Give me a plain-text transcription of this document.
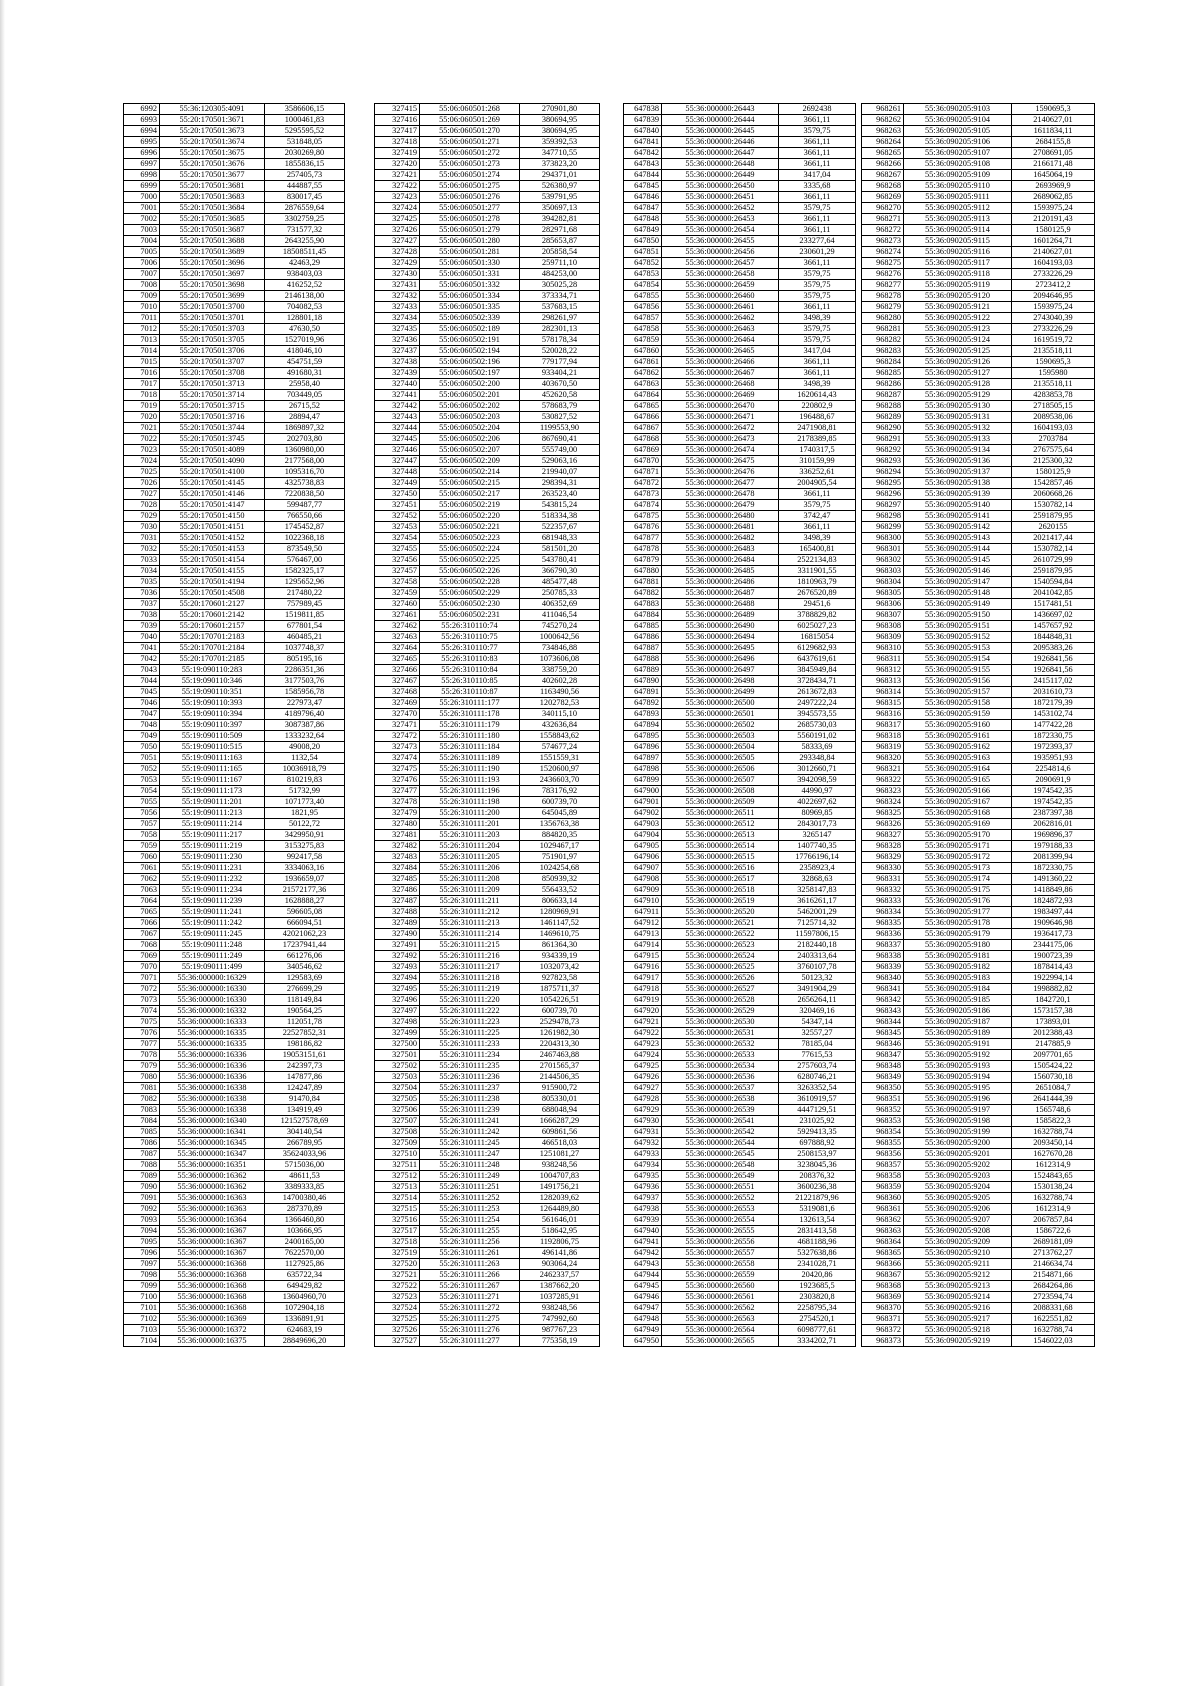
6992	55:36:120305:4091	3586606,15
6993	55:20:170501:3671	1000461,83
6994	55:20:170501:3673	5295595,52
6995	55:20:170501:3674	531848,05
6996	55:20:170501:3675	2030269,80
6997	55:20:170501:3676	1855836,15
6998	55:20:170501:3677	257405,73
6999	55:20:170501:3681	444887,55
7000	55:20:170501:3683	830017,45
7001	55:20:170501:3684	2876559,64
7002	55:20:170501:3685	3302759,25
7003	55:20:170501:3687	731577,32
7004	55:20:170501:3688	2643255,90
7005	55:20:170501:3689	18508511,45
7006	55:20:170501:3696	42463,29
7007	55:20:170501:3697	938403,03
7008	55:20:170501:3698	416252,52
7009	55:20:170501:3699	2146138,00
7010	55:20:170501:3700	704082,53
7011	55:20:170501:3701	128801,18
7012	55:20:170501:3703	47630,50
7013	55:20:170501:3705	1527019,96
7014	55:20:170501:3706	418046,10
7015	55:20:170501:3707	454751,59
7016	55:20:170501:3708	491680,31
7017	55:20:170501:3713	25958,40
7018	55:20:170501:3714	703449,05
7019	55:20:170501:3715	26715,52
7020	55:20:170501:3716	28894,47
7021	55:20:170501:3744	1869897,32
7022	55:20:170501:3745	202703,80
7023	55:20:170501:4089	1360980,00
7024	55:20:170501:4090	2177568,00
7025	55:20:170501:4100	1095316,70
7026	55:20:170501:4145	4325738,83
7027	55:20:170501:4146	7220838,50
7028	55:20:170501:4147	599487,77
7029	55:20:170501:4150	766550,66
7030	55:20:170501:4151	1745452,87
7031	55:20:170501:4152	1022368,18
7032	55:20:170501:4153	873549,50
7033	55:20:170501:4154	576467,00
7034	55:20:170501:4155	1582325,17
7035	55:20:170501:4194	1295652,96
7036	55:20:170501:4508	217480,22
7037	55:20:170601:2127	757989,45
7038	55:20:170601:2142	1519811,85
7039	55:20:170601:2157	677801,54
7040	55:20:170701:2183	460485,21
7041	55:20:170701:2184	1037748,37
7042	55:20:170701:2185	805195,16
7043	55:19:090110:283	2286351,36
7044	55:19:090110:346	3177503,76
7045	55:19:090110:351	1585956,78
7046	55:19:090110:393	227973,47
7047	55:19:090110:394	4189796,40
7048	55:19:090110:397	3087387,86
7049	55:19:090110:509	1333232,64
7050	55:19:090110:515	49008,20
7051	55:19:090111:163	1132,54
7052	55:19:090111:165	10036918,79
7053	55:19:090111:167	810219,83
7054	55:19:090111:173	51732,99
7055	55:19:090111:201	1071773,40
7056	55:19:090111:213	1821,95
7057	55:19:090111:214	50122,72
7058	55:19:090111:217	3429950,91
7059	55:19:090111:219	3153275,83
7060	55:19:090111:230	992417,58
7061	55:19:090111:231	3334063,16
7062	55:19:090111:232	1936659,07
7063	55:19:090111:234	21572177,36
7064	55:19:090111:239	1628888,27
7065	55:19:090111:241	596605,08
7066	55:19:090111:242	666094,51
7067	55:19:090111:245	42021062,23
7068	55:19:090111:248	17237941,44
7069	55:19:090111:249	661276,06
7070	55:19:090111:499	340546,62
7071	55:36:000000:16329	129583,69
7072	55:36:000000:16330	276699,29
7073	55:36:000000:16330	118149,84
7074	55:36:000000:16332	190564,25
7075	55:36:000000:16333	112051,78
7076	55:36:000000:16335	22527852,31
7077	55:36:000000:16335	198186,82
7078	55:36:000000:16336	19053151,61
7079	55:36:000000:16336	242397,73
7080	55:36:000000:16336	147877,86
7081	55:36:000000:16338	124247,89
7082	55:36:000000:16338	91470,84
7083	55:36:000000:16338	134919,49
7084	55:36:000000:16340	121527578,69
7085	55:36:000000:16341	304140,54
7086	55:36:000000:16345	266789,95
7087	55:36:000000:16347	35624033,96
7088	55:36:000000:16351	5715036,00
7089	55:36:000000:16362	48611,53
7090	55:36:000000:16362	3389333,85
7091	55:36:000000:16363	14700380,46
7092	55:36:000000:16363	287370,89
7093	55:36:000000:16364	1366460,80
7094	55:36:000000:16367	103666,95
7095	55:36:000000:16367	2400165,00
7096	55:36:000000:16367	7622570,00
7097	55:36:000000:16368	1127925,86
7098	55:36:000000:16368	635722,34
7099	55:36:000000:16368	649429,82
7100	55:36:000000:16368	13604960,70
7101	55:36:000000:16368	1072904,18
7102	55:36:000000:16369	1336891,91
7103	55:36:000000:16372	624683,19
7104	55:36:000000:16375	28849696,20
327415	55:06:060501:268	270901,80
327416	55:06:060501:269	380694,95
327417	55:06:060501:270	380694,95
327418	55:06:060501:271	359392,53
327419	55:06:060501:272	347710,55
327420	55:06:060501:273	373823,20
327421	55:06:060501:274	294371,01
327422	55:06:060501:275	526380,97
327423	55:06:060501:276	539791,95
327424	55:06:060501:277	350697,13
327425	55:06:060501:278	394282,81
327426	55:06:060501:279	282971,68
327427	55:06:060501:280	285653,87
327428	55:06:060501:281	205858,54
327429	55:06:060501:330	259711,10
327430	55:06:060501:331	484253,00
327431	55:06:060501:332	305025,28
327432	55:06:060501:334	373334,71
327433	55:06:060501:335	537683,15
327434	55:06:060502:339	298261,97
327435	55:06:060502:189	282301,13
327436	55:06:060502:191	578178,34
327437	55:06:060502:194	520028,22
327438	55:06:060502:196	779177,94
327439	55:06:060502:197	933404,21
327440	55:06:060502:200	403670,50
327441	55:06:060502:201	452620,58
327442	55:06:060502:202	578683,79
327443	55:06:060502:203	530827,52
327444	55:06:060502:204	1199553,90
327445	55:06:060502:206	867690,41
327446	55:06:060502:207	555749,00
327447	55:06:060502:209	529063,16
327448	55:06:060502:214	219940,07
327449	55:06:060502:215	298394,31
327450	55:06:060502:217	263523,40
327451	55:06:060502:219	543815,24
327452	55:06:060502:220	518334,38
327453	55:06:060502:221	522357,67
327454	55:06:060502:223	681948,33
327455	55:06:060502:224	581501,20
327456	55:06:060502:225	543780,41
327457	55:06:060502:226	366790,30
327458	55:06:060502:228	485477,48
327459	55:06:060502:229	250785,33
327460	55:06:060502:230	406352,69
327461	55:06:060502:231	411046,54
327462	55:26:310110:74	745270,24
327463	55:26:310110:75	1000642,56
327464	55:26:310110:77	734846,88
327465	55:26:310110:83	1073606,08
327466	55:26:310110:84	338759,20
327467	55:26:310110:85	402602,28
327468	55:26:310110:87	1163490,56
327469	55:26:310111:177	1202782,53
327470	55:26:310111:178	340115,10
327471	55:26:310111:179	432636,84
327472	55:26:310111:180	1558843,62
327473	55:26:310111:184	574677,24
327474	55:26:310111:189	1551559,31
327475	55:26:310111:190	1520600,97
327476	55:26:310111:193	2436603,70
327477	55:26:310111:196	783176,92
327478	55:26:310111:198	600739,70
327479	55:26:310111:200	645045,89
327480	55:26:310111:201	1356763,38
327481	55:26:310111:203	884820,35
327482	55:26:310111:204	1029467,17
327483	55:26:310111:205	751901,97
327484	55:26:310111:206	1024254,68
327485	55:26:310111:208	850939,32
327486	55:26:310111:209	556433,52
327487	55:26:310111:211	806633,14
327488	55:26:310111:212	1280969,91
327489	55:26:310111:213	1461147,52
327490	55:26:310111:214	1469610,75
327491	55:26:310111:215	861364,30
327492	55:26:310111:216	934339,19
327493	55:26:310111:217	1032073,42
327494	55:26:310111:218	927823,58
327495	55:26:310111:219	1875711,37
327496	55:26:310111:220	1054226,51
327497	55:26:310111:222	600739,70
327498	55:26:310111:223	2529478,73
327499	55:26:310111:225	1261982,30
327500	55:26:310111:233	2204313,30
327501	55:26:310111:234	2467463,88
327502	55:26:310111:235	2701565,37
327503	55:26:310111:236	2144506,35
327504	55:26:310111:237	915900,72
327505	55:26:310111:238	805330,01
327506	55:26:310111:239	688048,94
327507	55:26:310111:241	1666287,29
327508	55:26:310111:242	609861,56
327509	55:26:310111:245	466518,03
327510	55:26:310111:247	1251081,27
327511	55:26:310111:248	938248,56
327512	55:26:310111:249	1004707,83
327513	55:26:310111:251	1491756,21
327514	55:26:310111:252	1282039,62
327515	55:26:310111:253	1264489,80
327516	55:26:310111:254	561646,01
327517	55:26:310111:255	518642,95
327518	55:26:310111:256	1192806,75
327519	55:26:310111:261	496141,86
327520	55:26:310111:263	903064,24
327521	55:26:310111:266	2462337,57
327522	55:26:310111:267	1387662,20
327523	55:26:310111:271	1037285,91
327524	55:26:310111:272	938248,56
327525	55:26:310111:275	747992,60
327526	55:26:310111:276	987767,23
327527	55:26:310111:277	775358,19
647838	55:36:000000:26443	2692438
647839	55:36:000000:26444	3661,11
647840	55:36:000000:26445	3579,75
647841	55:36:000000:26446	3661,11
647842	55:36:000000:26447	3661,11
647843	55:36:000000:26448	3661,11
647844	55:36:000000:26449	3417,04
647845	55:36:000000:26450	3335,68
647846	55:36:000000:26451	3661,11
647847	55:36:000000:26452	3579,75
647848	55:36:000000:26453	3661,11
647849	55:36:000000:26454	3661,11
647850	55:36:000000:26455	233277,64
647851	55:36:000000:26456	230601,29
647852	55:36:000000:26457	3661,11
647853	55:36:000000:26458	3579,75
647854	55:36:000000:26459	3579,75
647855	55:36:000000:26460	3579,75
647856	55:36:000000:26461	3661,11
647857	55:36:000000:26462	3498,39
647858	55:36:000000:26463	3579,75
647859	55:36:000000:26464	3579,75
647860	55:36:000000:26465	3417,04
647861	55:36:000000:26466	3661,11
647862	55:36:000000:26467	3661,11
647863	55:36:000000:26468	3498,39
647864	55:36:000000:26469	1620614,43
647865	55:36:000000:26470	220802,9
647866	55:36:000000:26471	196488,67
647867	55:36:000000:26472	2471908,81
647868	55:36:000000:26473	2178389,85
647869	55:36:000000:26474	1740317,5
647870	55:36:000000:26475	310159,99
647871	55:36:000000:26476	336252,61
647872	55:36:000000:26477	2004905,54
647873	55:36:000000:26478	3661,11
647874	55:36:000000:26479	3579,75
647875	55:36:000000:26480	3742,47
647876	55:36:000000:26481	3661,11
647877	55:36:000000:26482	3498,39
647878	55:36:000000:26483	165400,81
647879	55:36:000000:26484	2522134,83
647880	55:36:000000:26485	3311901,55
647881	55:36:000000:26486	1810963,79
647882	55:36:000000:26487	2676520,89
647883	55:36:000000:26488	29451,6
647884	55:36:000000:26489	3788829,82
647885	55:36:000000:26490	6025027,23
647886	55:36:000000:26494	16815054
647887	55:36:000000:26495	6129682,93
647888	55:36:000000:26496	6437619,61
647889	55:36:000000:26497	3845949,84
647890	55:36:000000:26498	3728434,71
647891	55:36:000000:26499	2613672,83
647892	55:36:000000:26500	2497222,24
647893	55:36:000000:26501	3945573,55
647894	55:36:000000:26502	2685730,03
647895	55:36:000000:26503	5560191,02
647896	55:36:000000:26504	58333,69
647897	55:36:000000:26505	293348,84
647898	55:36:000000:26506	3012660,71
647899	55:36:000000:26507	3942098,59
647900	55:36:000000:26508	44990,97
647901	55:36:000000:26509	4022697,62
647902	55:36:000000:26511	80969,85
647903	55:36:000000:26512	2843017,73
647904	55:36:000000:26513	3265147
647905	55:36:000000:26514	1407740,35
647906	55:36:000000:26515	17766196,14
647907	55:36:000000:26516	2358923,4
647908	55:36:000000:26517	32868,63
647909	55:36:000000:26518	3258147,83
647910	55:36:000000:26519	3616261,17
647911	55:36:000000:26520	5462001,29
647912	55:36:000000:26521	7125714,32
647913	55:36:000000:26522	11597806,15
647914	55:36:000000:26523	2182440,18
647915	55:36:000000:26524	2403313,64
647916	55:36:000000:26525	3760107,78
647917	55:36:000000:26526	50123,32
647918	55:36:000000:26527	3491904,29
647919	55:36:000000:26528	2656264,11
647920	55:36:000000:26529	320469,16
647921	55:36:000000:26530	54347,14
647922	55:36:000000:26531	32557,27
647923	55:36:000000:26532	78185,04
647924	55:36:000000:26533	77615,53
647925	55:36:000000:26534	2757603,74
647926	55:36:000000:26536	6280746,21
647927	55:36:000000:26537	3263352,54
647928	55:36:000000:26538	3610919,57
647929	55:36:000000:26539	4447129,51
647930	55:36:000000:26541	231025,92
647931	55:36:000000:26542	5929413,35
647932	55:36:000000:26544	697888,92
647933	55:36:000000:26545	2508153,97
647934	55:36:000000:26548	3238045,36
647935	55:36:000000:26549	208376,32
647936	55:36:000000:26551	3600236,38
647937	55:36:000000:26552	21221879,96
647938	55:36:000000:26553	5319081,6
647939	55:36:000000:26554	132613,54
647940	55:36:000000:26555	2831413,58
647941	55:36:000000:26556	4681188,96
647942	55:36:000000:26557	5327638,86
647943	55:36:000000:26558	2341028,71
647944	55:36:000000:26559	20420,86
647945	55:36:000000:26560	1923685,5
647946	55:36:000000:26561	2303820,8
647947	55:36:000000:26562	2258795,34
647948	55:36:000000:26563	2754520,1
647949	55:36:000000:26564	6098777,61
647950	55:36:000000:26565	3334202,71
968261	55:36:090205:9103	1590695,3
968262	55:36:090205:9104	2140627,01
968263	55:36:090205:9105	1611834,11
968264	55:36:090205:9106	2684155,8
968265	55:36:090205:9107	2708691,05
968266	55:36:090205:9108	2166171,48
968267	55:36:090205:9109	1645064,19
968268	55:36:090205:9110	2693969,9
968269	55:36:090205:9111	2689062,85
968270	55:36:090205:9112	1593975,24
968271	55:36:090205:9113	2120191,43
968272	55:36:090205:9114	1580125,9
968273	55:36:090205:9115	1601264,71
968274	55:36:090205:9116	2140627,01
968275	55:36:090205:9117	1604193,03
968276	55:36:090205:9118	2733226,29
968277	55:36:090205:9119	2723412,2
968278	55:36:090205:9120	2094646,95
968279	55:36:090205:9121	1593975,24
968280	55:36:090205:9122	2743040,39
968281	55:36:090205:9123	2733226,29
968282	55:36:090205:9124	1619519,72
968283	55:36:090205:9125	2135518,11
968284	55:36:090205:9126	1590695,3
968285	55:36:090205:9127	1595980
968286	55:36:090205:9128	2135518,11
968287	55:36:090205:9129	4283853,78
968288	55:36:090205:9130	2718505,15
968289	55:36:090205:9131	2089538,06
968290	55:36:090205:9132	1604193,03
968291	55:36:090205:9133	2703784
968292	55:36:090205:9134	2767575,64
968293	55:36:090205:9136	2125300,32
968294	55:36:090205:9137	1580125,9
968295	55:36:090205:9138	1542857,46
968296	55:36:090205:9139	2060668,26
968297	55:36:090205:9140	1530782,14
968298	55:36:090205:9141	2591879,95
968299	55:36:090205:9142	2620155
968300	55:36:090205:9143	2021417,44
968301	55:36:090205:9144	1530782,14
968302	55:36:090205:9145	2610729,99
968303	55:36:090205:9146	2591879,95
968304	55:36:090205:9147	1540594,84
968305	55:36:090205:9148	2041042,85
968306	55:36:090205:9149	1517481,51
968307	55:36:090205:9150	1436697,02
968308	55:36:090205:9151	1457657,92
968309	55:36:090205:9152	1844848,31
968310	55:36:090205:9153	2095383,26
968311	55:36:090205:9154	1926841,56
968312	55:36:090205:9155	1926841,56
968313	55:36:090205:9156	2415117,02
968314	55:36:090205:9157	2031610,73
968315	55:36:090205:9158	1872179,39
968316	55:36:090205:9159	1453102,74
968317	55:36:090205:9160	1477422,28
968318	55:36:090205:9161	1872330,75
968319	55:36:090205:9162	1972393,37
968320	55:36:090205:9163	1935951,93
968321	55:36:090205:9164	2254814,6
968322	55:36:090205:9165	2090691,9
968323	55:36:090205:9166	1974542,35
968324	55:36:090205:9167	1974542,35
968325	55:36:090205:9168	2387397,38
968326	55:36:090205:9169	2062816,01
968327	55:36:090205:9170	1969896,37
968328	55:36:090205:9171	1979188,33
968329	55:36:090205:9172	2081399,94
968330	55:36:090205:9173	1872330,75
968331	55:36:090205:9174	1491360,22
968332	55:36:090205:9175	1418849,86
968333	55:36:090205:9176	1824872,93
968334	55:36:090205:9177	1983497,44
968335	55:36:090205:9178	1909646,98
968336	55:36:090205:9179	1936417,73
968337	55:36:090205:9180	2344175,06
968338	55:36:090205:9181	1900723,39
968339	55:36:090205:9182	1878414,43
968340	55:36:090205:9183	1922994,14
968341	55:36:090205:9184	1998882,82
968342	55:36:090205:9185	1842720,1
968343	55:36:090205:9186	1573157,38
968344	55:36:090205:9187	173893,01
968345	55:36:090205:9189	2012388,43
968346	55:36:090205:9191	2147885,9
968347	55:36:090205:9192	2097701,65
968348	55:36:090205:9193	1505424,22
968349	55:36:090205:9194	1560730,18
968350	55:36:090205:9195	2651084,7
968351	55:36:090205:9196	2641444,39
968352	55:36:090205:9197	1565748,6
968353	55:36:090205:9198	1585822,3
968354	55:36:090205:9199	1632788,74
968355	55:36:090205:9200	2093450,14
968356	55:36:090205:9201	1627670,28
968357	55:36:090205:9202	1612314,9
968358	55:36:090205:9203	1524843,65
968359	55:36:090205:9204	1530138,24
968360	55:36:090205:9205	1632788,74
968361	55:36:090205:9206	1612314,9
968362	55:36:090205:9207	2067857,84
968363	55:36:090205:9208	1586722,6
968364	55:36:090205:9209	2689181,09
968365	55:36:090205:9210	2713762,27
968366	55:36:090205:9211	2146634,74
968367	55:36:090205:9212	2154871,66
968368	55:36:090205:9213	2684264,86
968369	55:36:090205:9214	2723594,74
968370	55:36:090205:9216	2088331,68
968371	55:36:090205:9217	1622551,82
968372	55:36:090205:9218	1632788,74
968373	55:36:090205:9219	1546022,03
